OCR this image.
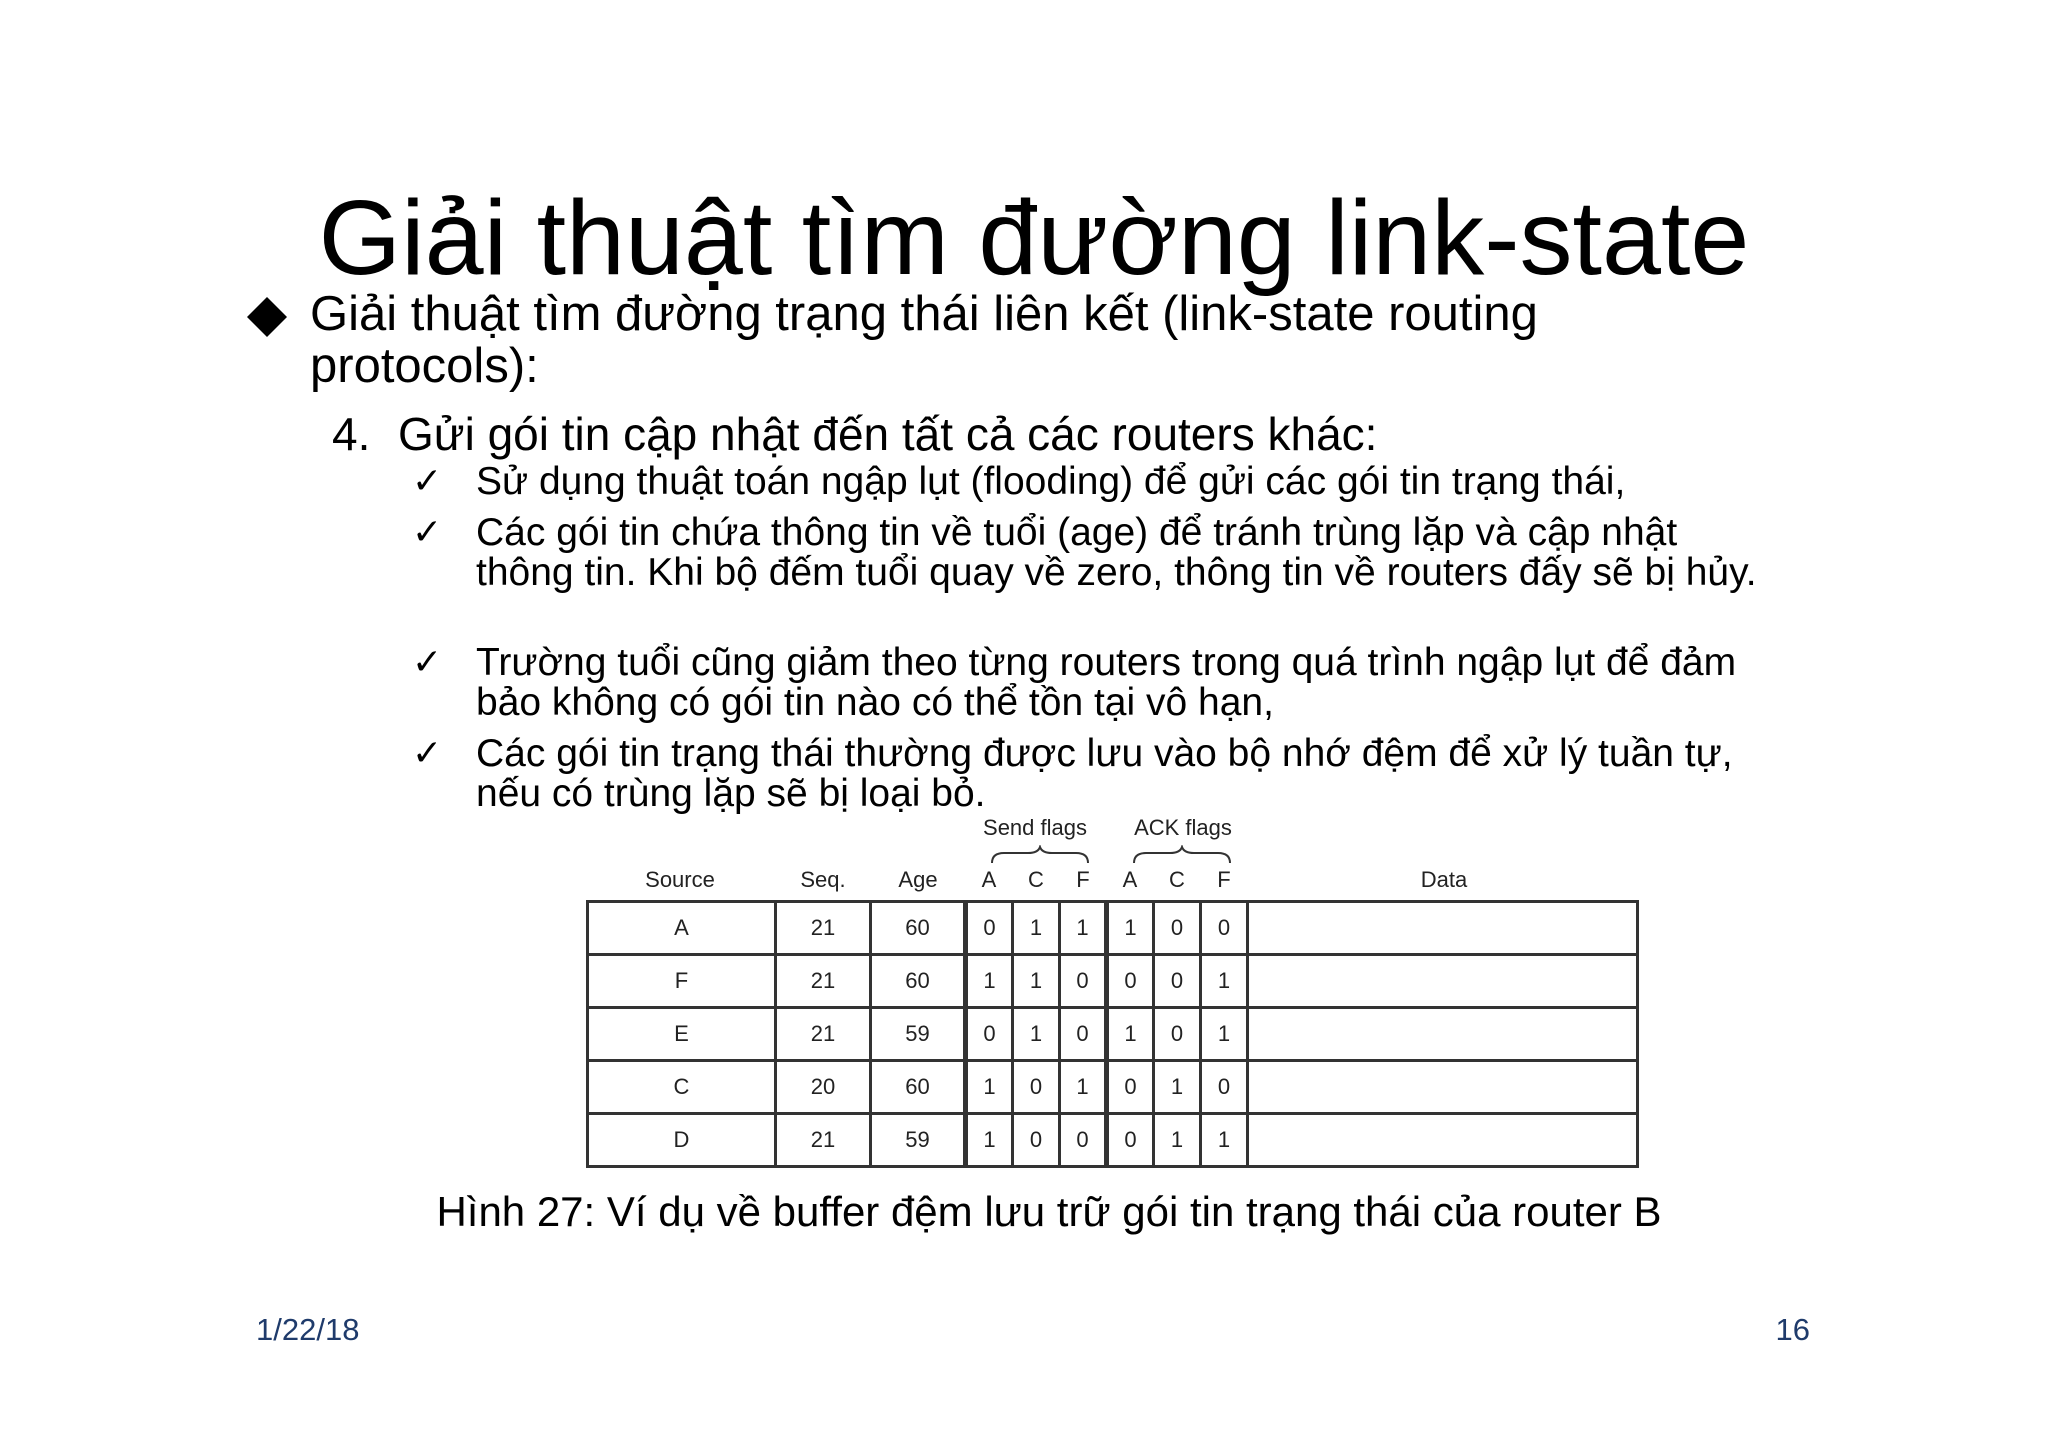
Giải thuật tìm đường link-state
Giải thuật tìm đường trạng thái liên kết (link-state routing protocols):
4. Gửi gói tin cập nhật đến tất cả các routers khác:
✓ Sử dụng thuật toán ngập lụt (flooding) để gửi các gói tin trạng thái,
✓ Các gói tin chứa thông tin về tuổi (age) để tránh trùng lặp và cập nhật thông tin. Khi bộ đếm tuổi quay về zero, thông tin về routers đấy sẽ bị hủy.
✓ Trường tuổi cũng giảm theo từng routers trong quá trình ngập lụt để đảm bảo không có gói tin nào có thể tồn tại vô hạn,
✓ Các gói tin trạng thái thường được lưu vào bộ nhớ đệm để xử lý tuần tự, nếu có trùng lặp sẽ bị loại bỏ.
Send flags	ACK flags
Source	Seq.	Age	A	C	F	A	C	F	Data
A	21	60	0	1	1	1	0	0	
F	21	60	1	1	0	0	0	1	
E	21	59	0	1	0	1	0	1	
C	20	60	1	0	1	0	1	0	
D	21	59	1	0	0	0	1	1	
Hình 27: Ví dụ về buffer đệm lưu trữ gói tin trạng thái của router B
1/22/18	16
